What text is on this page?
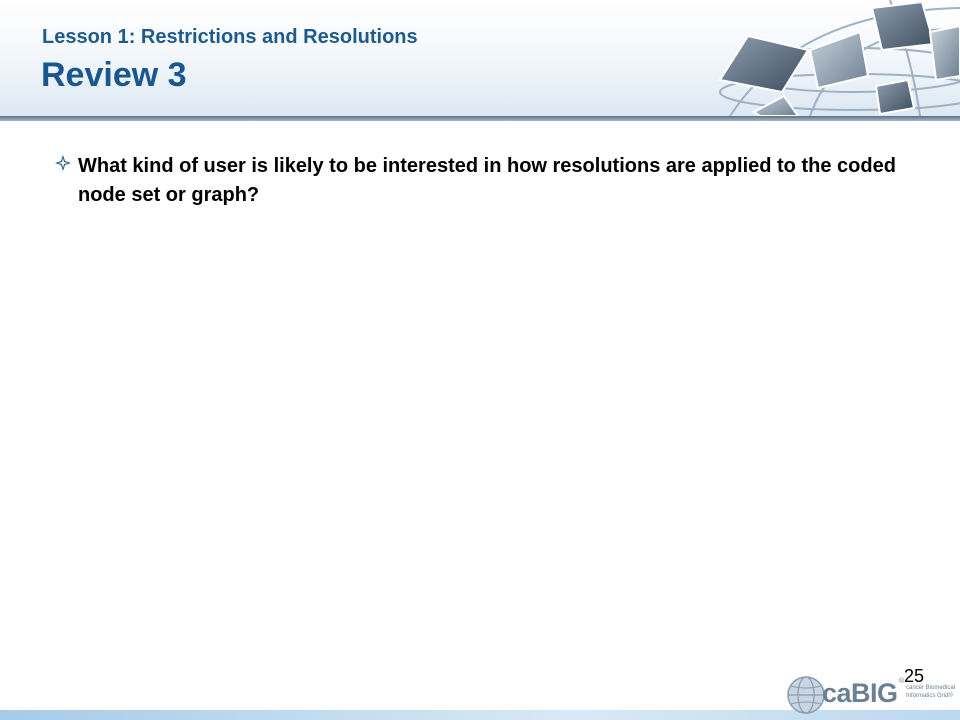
Lesson 1: Restrictions and Resolutions
Review 3
What kind of user is likely to be interested in how resolutions are applied to the coded node set or graph?
25
caBIG ®
cancer Biomedical Informatics Grid®
